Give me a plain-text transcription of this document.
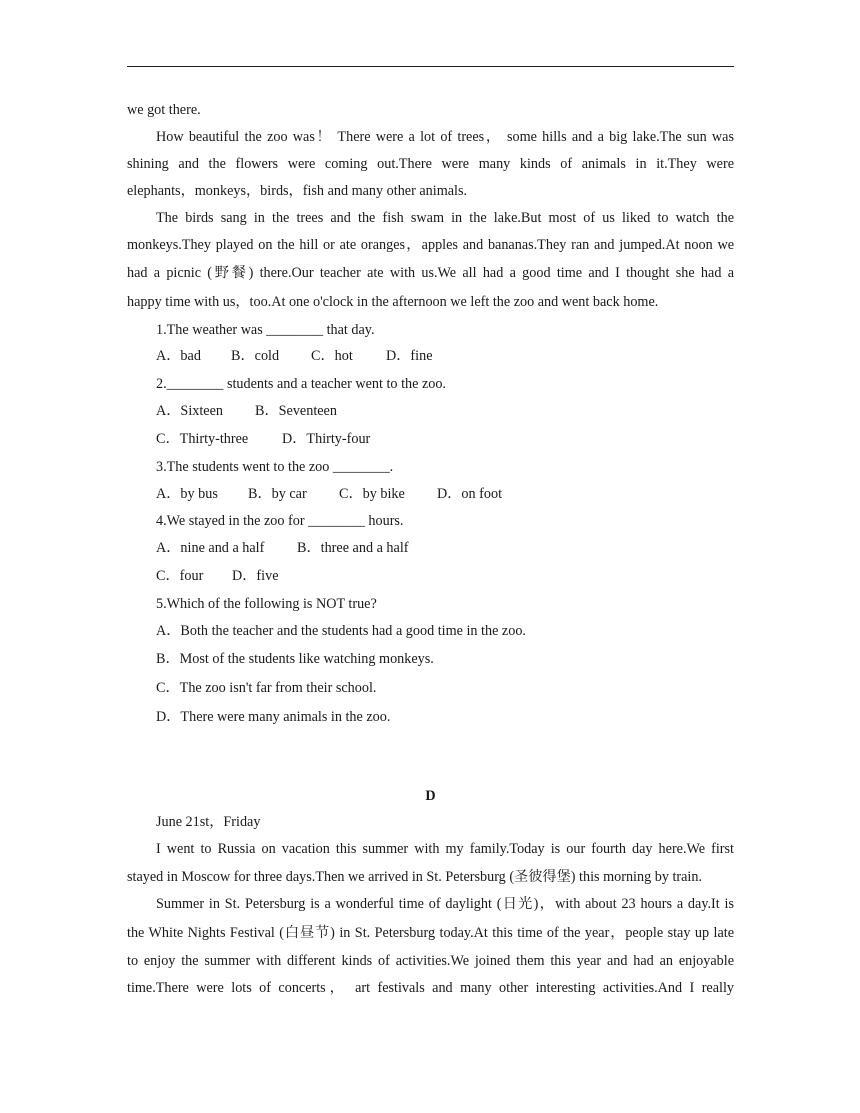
we got there.
How beautiful the zoo was！ There were a lot of trees， some hills and a big lake.The sun was
shining and the flowers were coming out.There were many kinds of animals in it.They were
elephants，monkeys，birds，fish and many other animals.
The birds sang in the trees and the fish swam in the lake.But most of us liked to watch the
monkeys.They played on the hill or ate oranges，apples and bananas.They ran and jumped.At noon we
had a picnic (野餐) there.Our teacher ate with us.We all had a good time and I thought she had a
happy time with us，too.At one o'clock in the afternoon we left the zoo and went back home.
1.The weather was ________ that day.
A．bad	B．cold	C．hot	D．fine
2.________ students and a teacher went to the zoo.
A．Sixteen	B．Seventeen
C．Thirty-three	D．Thirty-four
3.The students went to the zoo ________.
A．by bus	B．by car	C．by bike	D．on foot
4.We stayed in the zoo for ________ hours.
A．nine and a half	B．three and a half
C．four	D．five
5.Which of the following is NOT true?
A．Both the teacher and the students had a good time in the zoo.
B．Most of the students like watching monkeys.
C．The zoo isn't far from their school.
D．There were many animals in the zoo.
D
June 21st，Friday
I went to Russia on vacation this summer with my family.Today is our fourth day here.We first
stayed in Moscow for three days.Then we arrived in St. Petersburg (圣彼得堡) this morning by train.
Summer in St. Petersburg is a wonderful time of daylight (日光)，with about 23 hours a day.It is
the White Nights Festival (白昼节) in St. Petersburg today.At this time of the year，people stay up late
to enjoy the summer with different kinds of activities.We joined them this year and had an enjoyable
time.There were lots of concerts， art festivals and many other interesting activities.And I really
